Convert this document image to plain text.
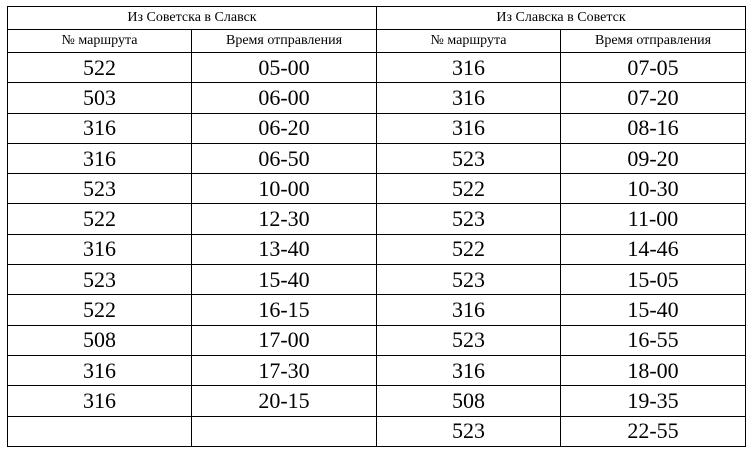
Из Советска в Славск		Из Славска в Советск	
№ маршрута	Время отправления	№ маршрута	Время отправления
522	05-00	316	07-05
503	06-00	316	07-20
316	06-20	316	08-16
316	06-50	523	09-20
523	10-00	522	10-30
522	12-30	523	11-00
316	13-40	522	14-46
523	15-40	523	15-05
522	16-15	316	15-40
508	17-00	523	16-55
316	17-30	316	18-00
316	20-15	508	19-35
		523	22-55
